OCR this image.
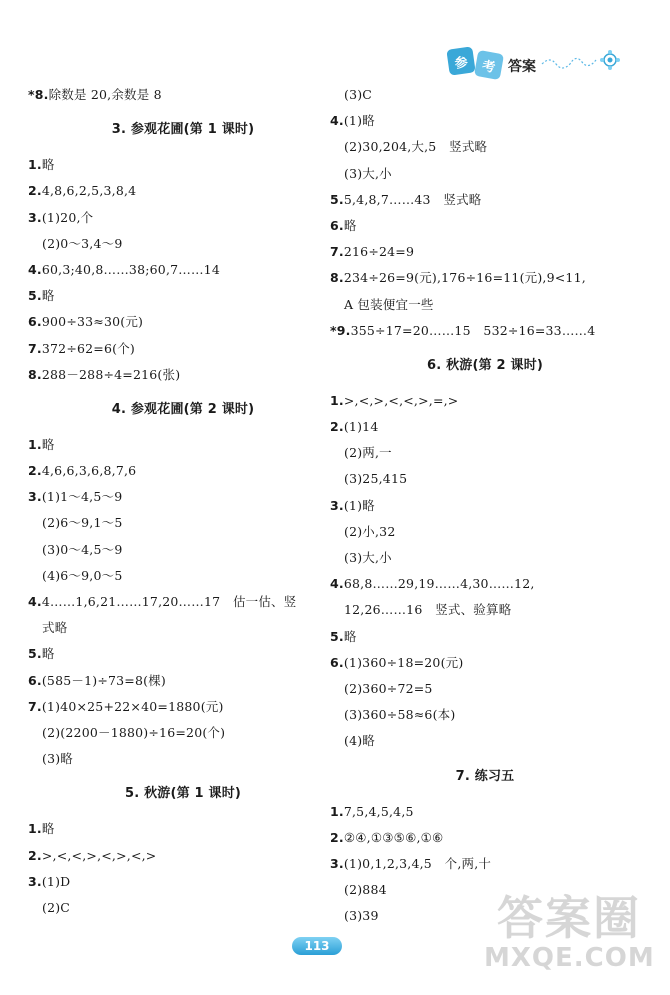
参 考 答案
*8.除数是 20,余数是 8
3. 参观花圃(第 1 课时)
1.略
2.4,8,6,2,5,3,8,4
3.(1)20,个
(2)0～3,4～9
4.60,3;40,8……38;60,7……14
5.略
6.900÷33≈30(元)
7.372÷62=6(个)
8.288－288÷4=216(张)
4. 参观花圃(第 2 课时)
1.略
2.4,6,6,3,6,8,7,6
3.(1)1～4,5～9
(2)6～9,1～5
(3)0～4,5～9
(4)6～9,0～5
4.4……1,6,21……17,20……17　估一估、竖
式略
5.略
6.(585－1)÷73=8(棵)
7.(1)40×25+22×40=1880(元)
(2)(2200－1880)÷16=20(个)
(3)略
5. 秋游(第 1 课时)
1.略
2.>,<,<,>,<,>,<,>
3.(1)D
(2)C
(3)C
4.(1)略
(2)30,204,大,5　竖式略
(3)大,小
5.5,4,8,7……43　竖式略
6.略
7.216÷24=9
8.234÷26=9(元),176÷16=11(元),9<11,
A 包装便宜一些
*9.355÷17=20……15　532÷16=33……4
6. 秋游(第 2 课时)
1.>,<,>,<,<,>,=,>
2.(1)14
(2)两,一
(3)25,415
3.(1)略
(2)小,32
(3)大,小
4.68,8……29,19……4,30……12,
12,26……16　竖式、验算略
5.略
6.(1)360÷18=20(元)
(2)360÷72=5
(3)360÷58≈6(本)
(4)略
7. 练习五
1.7,5,4,5,4,5
2.②④,①③⑤⑥,①⑥
3.(1)0,1,2,3,4,5　个,两,十
(2)884
(3)39
113
答案圈
MXQE.COM
